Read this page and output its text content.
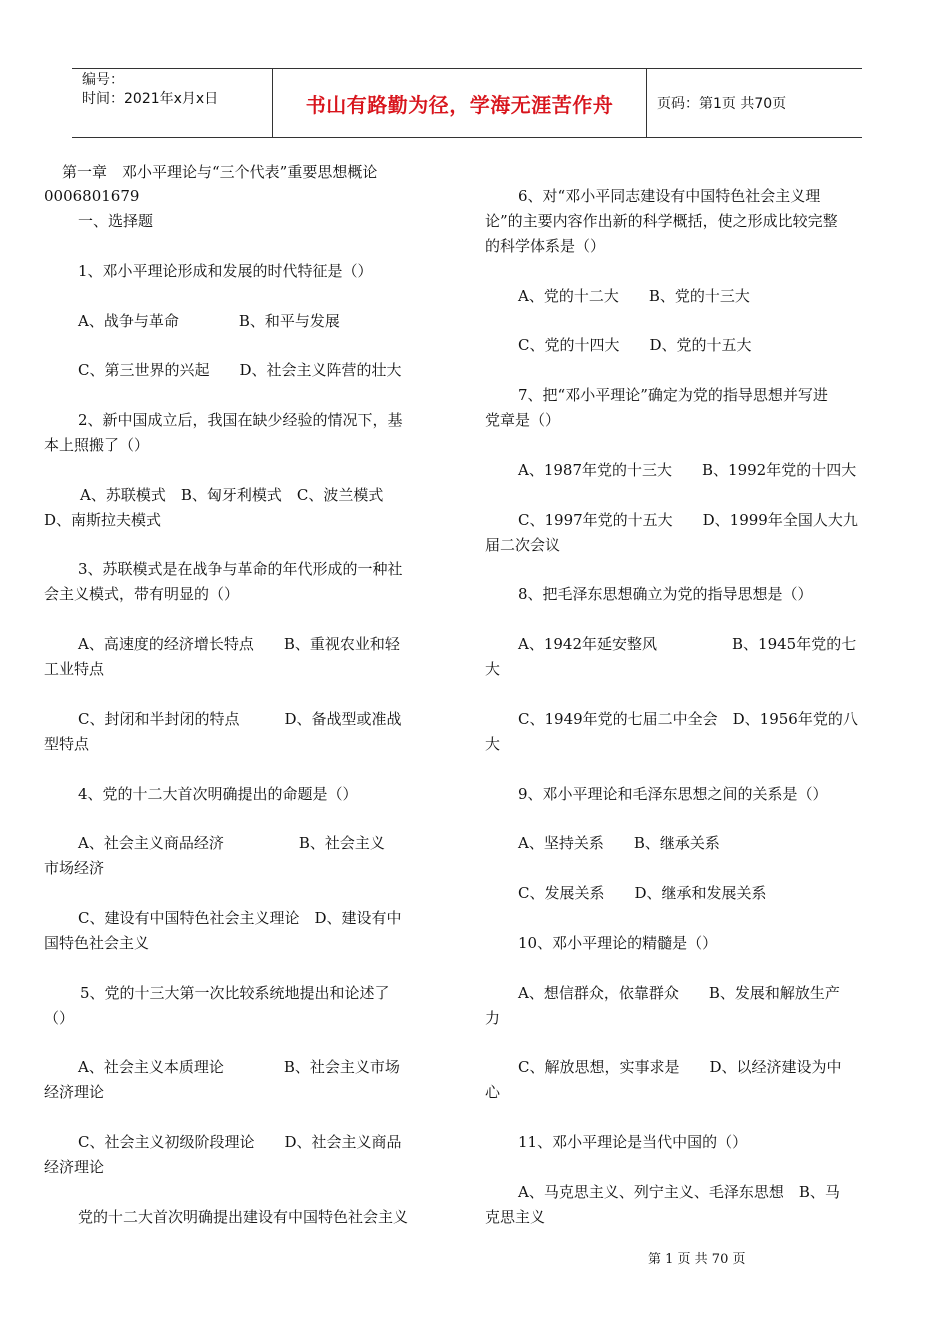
编号：
时间：2021年x月x日	书山有路勤为径，学海无涯苦作舟	页码：第1页 共70页
第一章　邓小平理论与“三个代表”重要思想概论
0006801679
一、选择题
1、邓小平理论形成和发展的时代特征是（）
A、战争与革命　　　　B、和平与发展
C、第三世界的兴起　　D、社会主义阵营的壮大
2、新中国成立后，我国在缺少经验的情况下，基
本上照搬了（）
A、苏联模式　B、匈牙利模式　C、波兰模式
D、南斯拉夫模式
3、苏联模式是在战争与革命的年代形成的一种社
会主义模式，带有明显的（）
A、高速度的经济增长特点　　B、重视农业和轻
工业特点
C、封闭和半封闭的特点　　　D、备战型或准战
型特点
4、党的十二大首次明确提出的命题是（）
A、社会主义商品经济　　　　　B、社会主义
市场经济
C、建设有中国特色社会主义理论　D、建设有中
国特色社会主义
5、党的十三大第一次比较系统地提出和论述了
（）
A、社会主义本质理论　　　　B、社会主义市场
经济理论
C、社会主义初级阶段理论　　D、社会主义商品
经济理论
党的十二大首次明确提出建设有中国特色社会主义
6、对“邓小平同志建设有中国特色社会主义理
论”的主要内容作出新的科学概括，使之形成比较完整
的科学体系是（）
A、党的十二大　　B、党的十三大
C、党的十四大　　D、党的十五大
7、把“邓小平理论”确定为党的指导思想并写进
党章是（）
A、1987年党的十三大　　B、1992年党的十四大
C、1997年党的十五大　　D、1999年全国人大九
届二次会议
8、把毛泽东思想确立为党的指导思想是（）
A、1942年延安整风　　　　　B、1945年党的七
大
C、1949年党的七届二中全会　D、1956年党的八
大
9、邓小平理论和毛泽东思想之间的关系是（）
A、坚持关系　　B、继承关系
C、发展关系　　D、继承和发展关系
10、邓小平理论的精髓是（）
A、想信群众，依靠群众　　B、发展和解放生产
力
C、解放思想，实事求是　　D、以经济建设为中
心
11、邓小平理论是当代中国的（）
A、马克思主义、列宁主义、毛泽东思想　B、马
克思主义
第 1 页 共 70 页
